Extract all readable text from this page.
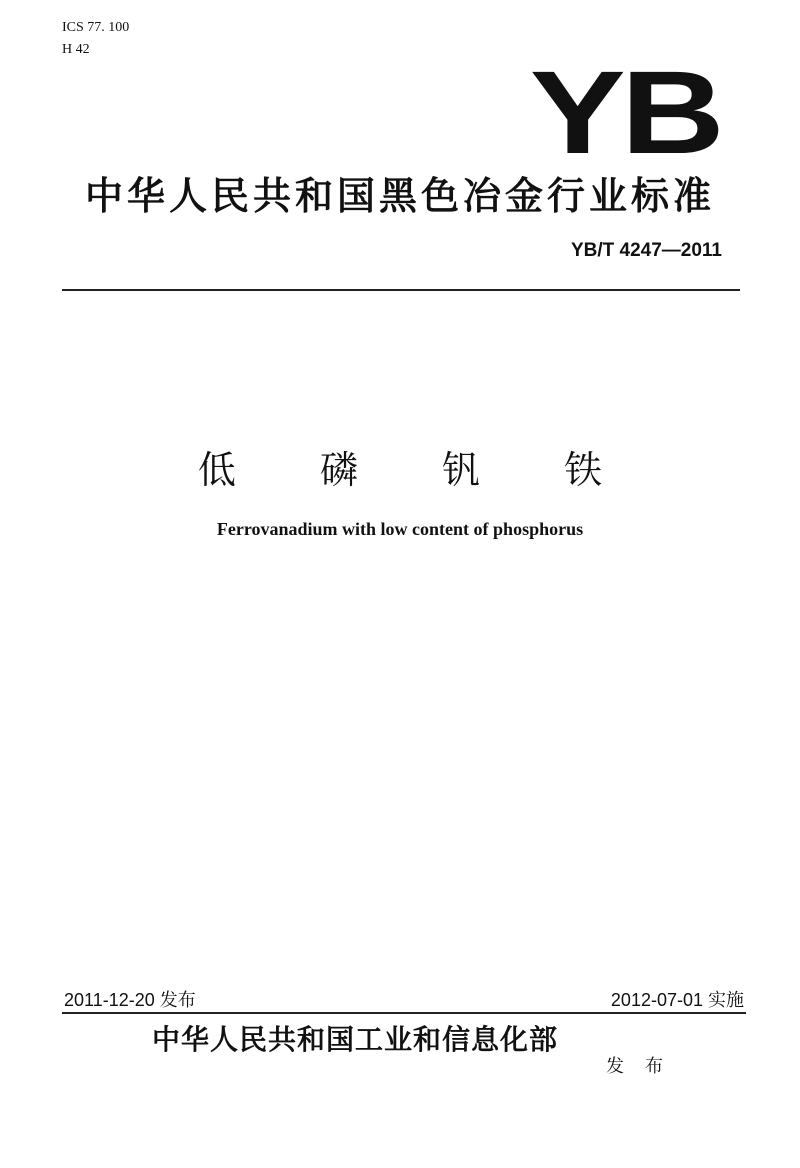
ICS 77. 100
H 42	YB
中华人民共和国黑色冶金行业标准
YB/T 4247—2011
低 磷 钒 铁
Ferrovanadium with low content of phosphorus
2011-12-20 发布	2012-07-01 实施
中华人民共和国工业和信息化部
发 布
